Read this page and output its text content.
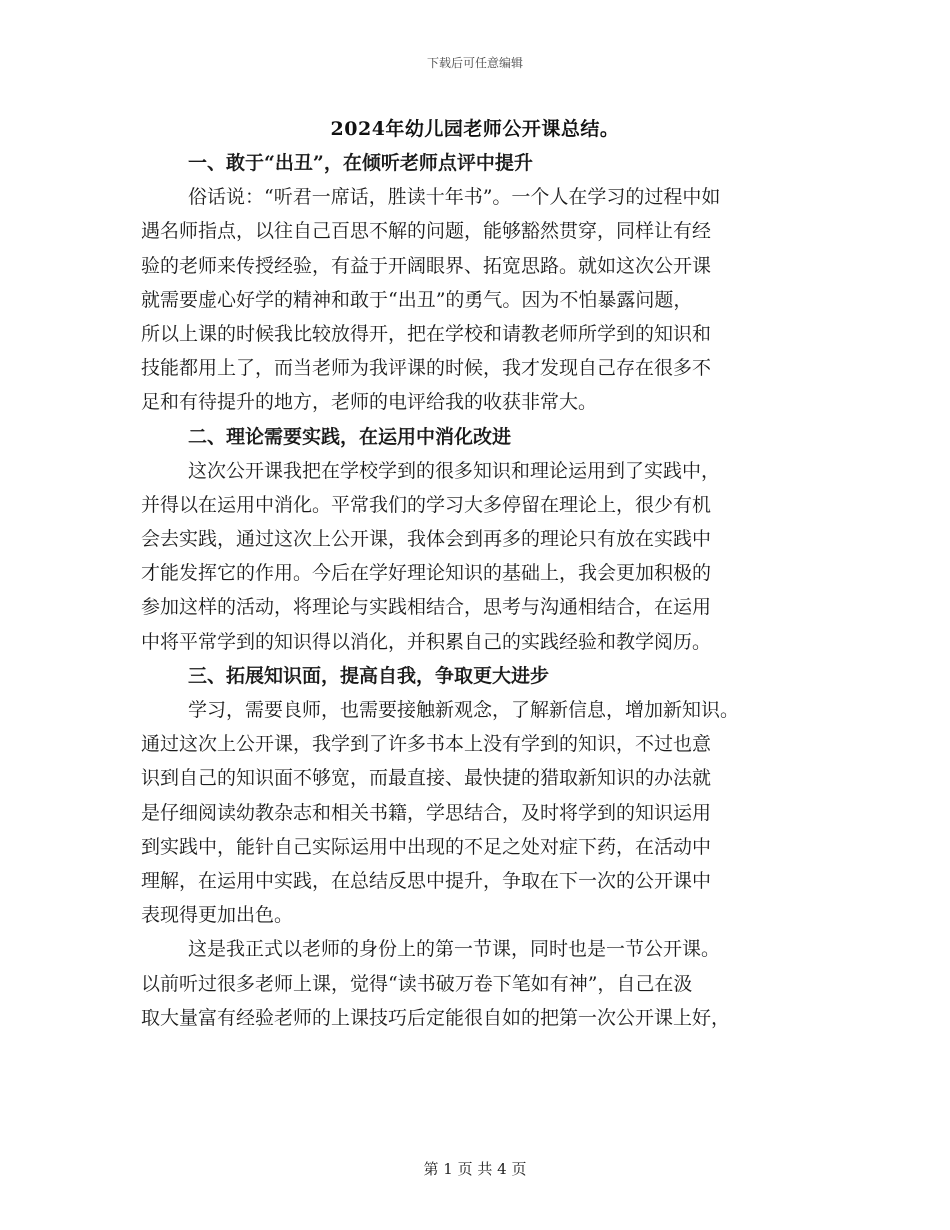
下载后可任意编辑
2024年幼儿园老师公开课总结。
一、敢于“出丑”，在倾听老师点评中提升
俗话说：“听君一席话，胜读十年书”。一个人在学习的过程中如
遇名师指点，以往自己百思不解的问题，能够豁然贯穿，同样让有经
验的老师来传授经验，有益于开阔眼界、拓宽思路。就如这次公开课
就需要虚心好学的精神和敢于“出丑”的勇气。因为不怕暴露问题，
所以上课的时候我比较放得开，把在学校和请教老师所学到的知识和
技能都用上了，而当老师为我评课的时候，我才发现自己存在很多不
足和有待提升的地方，老师的电评给我的收获非常大。
二、理论需要实践，在运用中消化改进
这次公开课我把在学校学到的很多知识和理论运用到了实践中，
并得以在运用中消化。平常我们的学习大多停留在理论上，很少有机
会去实践，通过这次上公开课，我体会到再多的理论只有放在实践中
才能发挥它的作用。今后在学好理论知识的基础上，我会更加积极的
参加这样的活动，将理论与实践相结合，思考与沟通相结合，在运用
中将平常学到的知识得以消化，并积累自己的实践经验和教学阅历。
三、拓展知识面，提高自我，争取更大进步
学习，需要良师，也需要接触新观念，了解新信息，增加新知识。
通过这次上公开课，我学到了许多书本上没有学到的知识，不过也意
识到自己的知识面不够宽，而最直接、最快捷的猎取新知识的办法就
是仔细阅读幼教杂志和相关书籍，学思结合，及时将学到的知识运用
到实践中，能针自己实际运用中出现的不足之处对症下药，在活动中
理解，在运用中实践，在总结反思中提升，争取在下一次的公开课中
表现得更加出色。
这是我正式以老师的身份上的第一节课，同时也是一节公开课。
以前听过很多老师上课，觉得“读书破万卷下笔如有神”，自己在汲
取大量富有经验老师的上课技巧后定能很自如的把第一次公开课上好，
第 1 页 共 4 页
